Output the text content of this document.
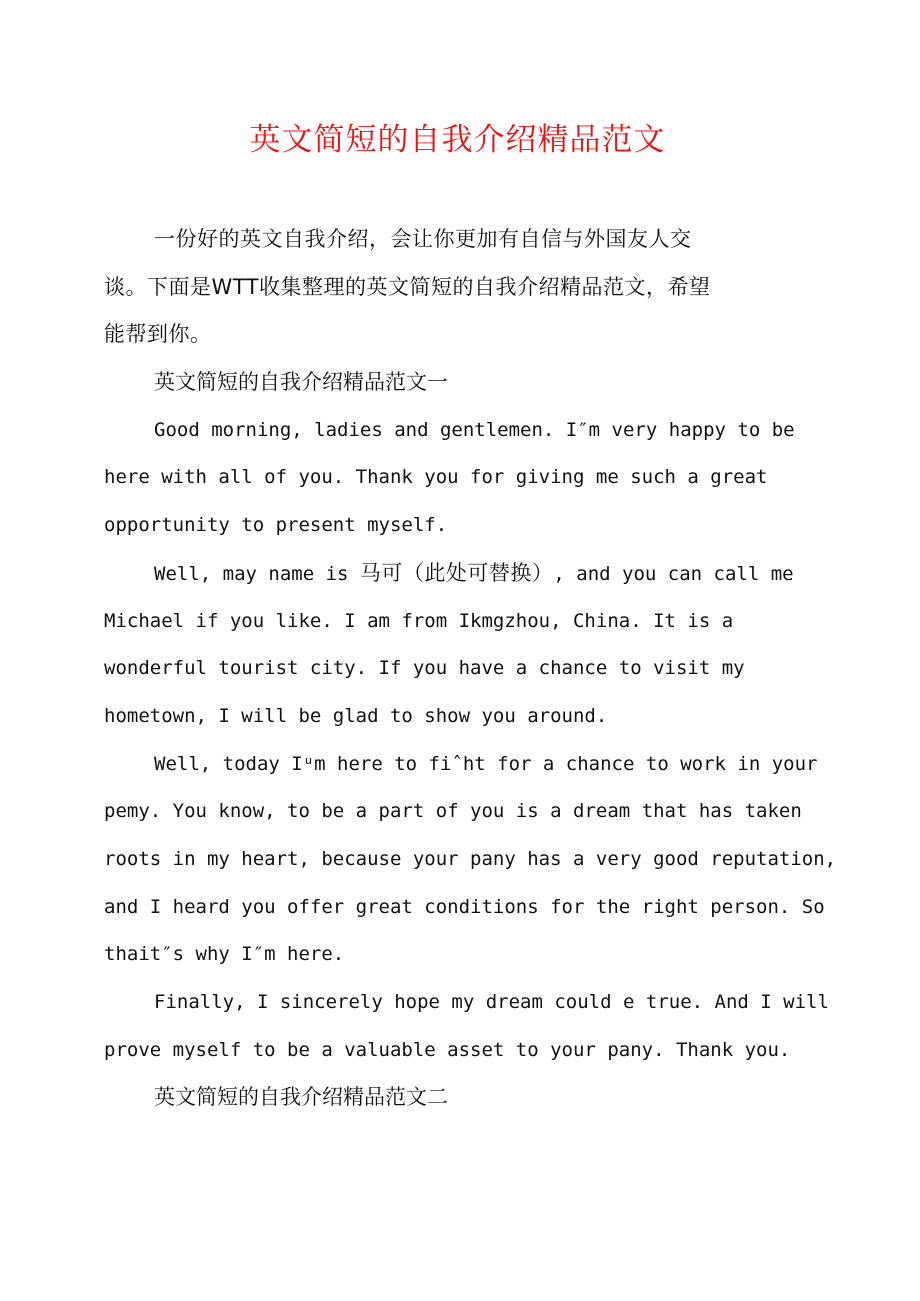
英文简短的自我介绍精品范文
一份好的英文自我介绍，会让你更加有自信与外国友人交
谈。下面是WTT收集整理的英文简短的自我介绍精品范文，希望
能帮到你。
英文简短的自我介绍精品范文一
Good morning, ladies and gentlemen. I″m very happy to be
here with all of you. Thank you for giving me such a great
opportunity to present myself.
Well, may name is 马可（此处可替换）, and you can call me
Michael if you like. I am from Ikmgzhou, China. It is a
wonderful tourist city. If you have a chance to visit my
hometown, I will be glad to show you around.
Well, today Iᵘm here to fiˆht for a chance to work in your
pemy. You know, to be a part of you is a dream that has taken
roots in my heart, because your pany has a very good reputation,
and I heard you offer great conditions for the right person. So
thait″s why I″m here.
Finally, I sincerely hope my dream could e true. And I will
prove myself to be a valuable asset to your pany. Thank you.
英文简短的自我介绍精品范文二
